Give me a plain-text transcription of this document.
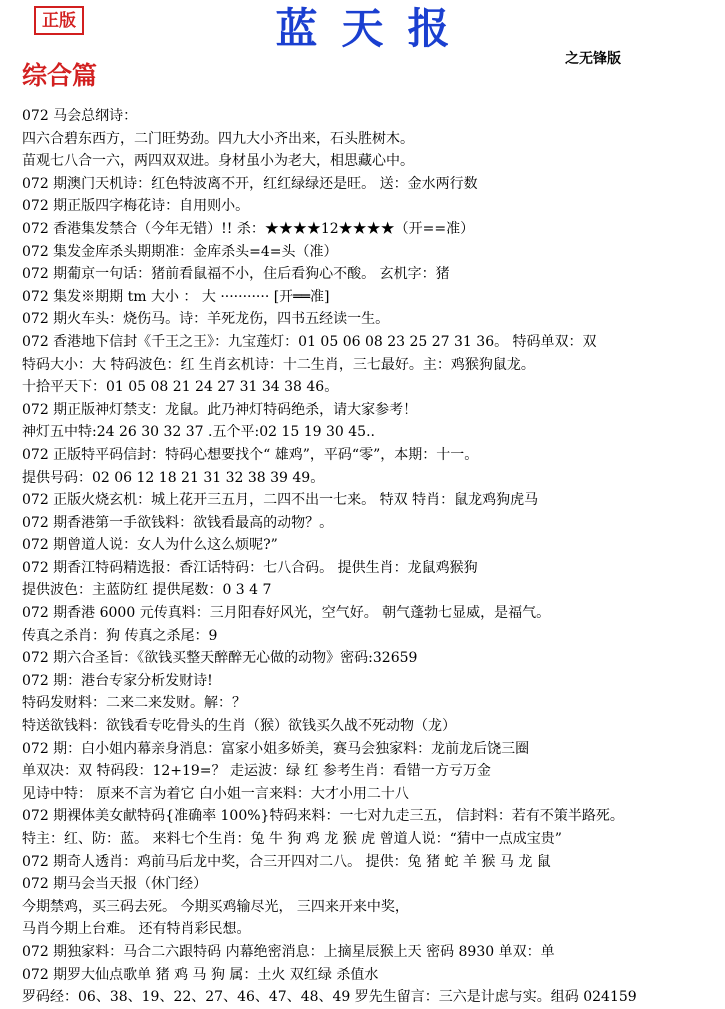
正版	蓝天报
之无锋版
综合篇
072 马会总纲诗：
四六合碧东西方，二门旺势劲。四九大小齐出来，石头胜树木。
苗观七八合一六，两四双双进。身材虽小为老大，相思藏心中。
072 期澳门天机诗：红色特波离不开，红红绿绿还是旺。 送：金水两行数
072 期正版四字梅花诗：自用则小。
072 香港集发禁合（今年无错）!! 杀：★★★★12★★★★（开==准）
072 集发金库杀头期期准：金库杀头=4=头（准）
072 期葡京一句话：猪前看鼠福不小，住后看狗心不酸。 玄机字：猪
072 集发※期期 tm 大小 ： 大 ··········· [开══准]
072 期火车头：烧伤马。诗：羊死龙伤，四书五经读一生。
072 香港地下信封《千王之王》：九宝莲灯：01 05 06 08 23 25 27 31 36。 特码单双：双
特码大小：大 特码波色：红 生肖玄机诗：十二生肖，三七最好。主：鸡猴狗鼠龙。
十拾平天下：01 05 08 21 24 27 31 34 38 46。
072 期正版神灯禁支：龙鼠。此乃神灯特码绝杀，请大家参考！
神灯五中特:24 26 30 32 37 .五个平:02 15 19 30 45..
072 正版特平码信封：特码心想要找个“ 雄鸡”，平码“零”，本期：十一。
提供号码：02 06 12 18 21 31 32 38 39 49。
072 正版火烧玄机：城上花开三五月，二四不出一七来。 特双 特肖：鼠龙鸡狗虎马
072 期香港第一手欲钱料：欲钱看最高的动物？。
072 期曾道人说：女人为什么这么烦呢?”
072 期香江特码精选报：香江话特码：七八合码。 提供生肖：龙鼠鸡猴狗
提供波色：主蓝防红 提供尾数：0 3 4 7
072 期香港 6000 元传真料：三月阳春好风光，空气好。 朝气蓬勃七显威，是福气。
传真之杀肖：狗 传真之杀尾：9
072 期六合圣旨：《欲钱买整天醉醉无心做的动物》密码:32659
072 期：港台专家分析发财诗!
特码发财料：二来二来发财。解：？
特送欲钱料：欲钱看专吃骨头的生肖（猴）欲钱买久战不死动物（龙）
072 期：白小姐内幕亲身消息：富家小姐多娇美，赛马会独家料：龙前龙后饶三圈
单双决：双 特码段：12+19=？ 走运波：绿 红 参考生肖：看错一方亏万金
见诗中特： 原来不言为着它 白小姐一言来料：大才小用二十八
072 期裸体美女献特码{准确率 100%}特码来料：一七对九走三五， 信封料：若有不策半路死。
特主：红、防：蓝。 来料七个生肖：兔 牛 狗 鸡 龙 猴 虎 曾道人说：“猜中一点成宝贵”
072 期奇人透肖：鸡前马后龙中奖，合三开四对二八。 提供：兔 猪 蛇 羊 猴 马 龙 鼠
072 期马会当天报（休门经）
今期禁鸡，买三码去死。 今期买鸡输尽光， 三四来开来中奖，
马肖今期上台难。 还有特肖彩民想。
072 期独家料：马合二六跟特码 内幕绝密消息：上摘星辰猴上天 密码 8930 单双：单
072 期罗大仙点歌单 猪 鸡 马 狗 属：土火 双红绿 杀值水
罗码经：06、38、19、22、27、46、47、48、49 罗先生留言：三六是计虑与实。组码 024159
